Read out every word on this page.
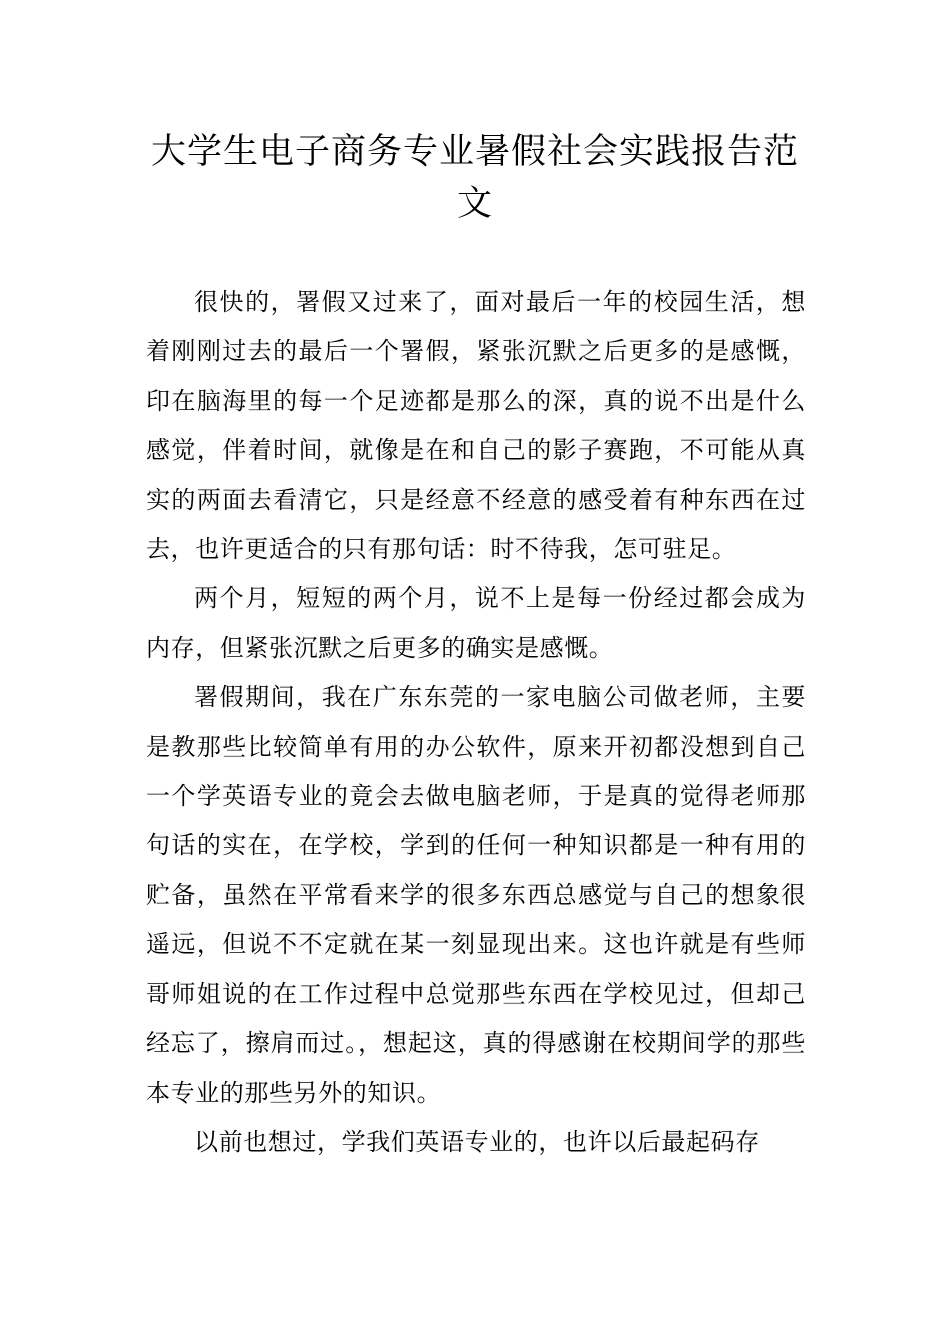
大学生电子商务专业暑假社会实践报告范文

很快的，署假又过来了，面对最后一年的校园生活，想着刚刚过去的最后一个署假，紧张沉默之后更多的是感慨，印在脑海里的每一个足迹都是那么的深，真的说不出是什么感觉，伴着时间，就像是在和自己的影子赛跑，不可能从真实的两面去看清它，只是经意不经意的感受着有种东西在过去，也许更适合的只有那句话：时不待我，怎可驻足。

两个月，短短的两个月，说不上是每一份经过都会成为内存，但紧张沉默之后更多的确实是感慨。

署假期间，我在广东东莞的一家电脑公司做老师，主要是教那些比较简单有用的办公软件，原来开初都没想到自己一个学英语专业的竟会去做电脑老师，于是真的觉得老师那句话的实在，在学校，学到的任何一种知识都是一种有用的贮备，虽然在平常看来学的很多东西总感觉与自己的想象很遥远，但说不不定就在某一刻显现出来。这也许就是有些师哥师姐说的在工作过程中总觉那些东西在学校见过，但却己经忘了，擦肩而过。，想起这，真的得感谢在校期间学的那些本专业的那些另外的知识。

以前也想过，学我们英语专业的，也许以后最起码存
